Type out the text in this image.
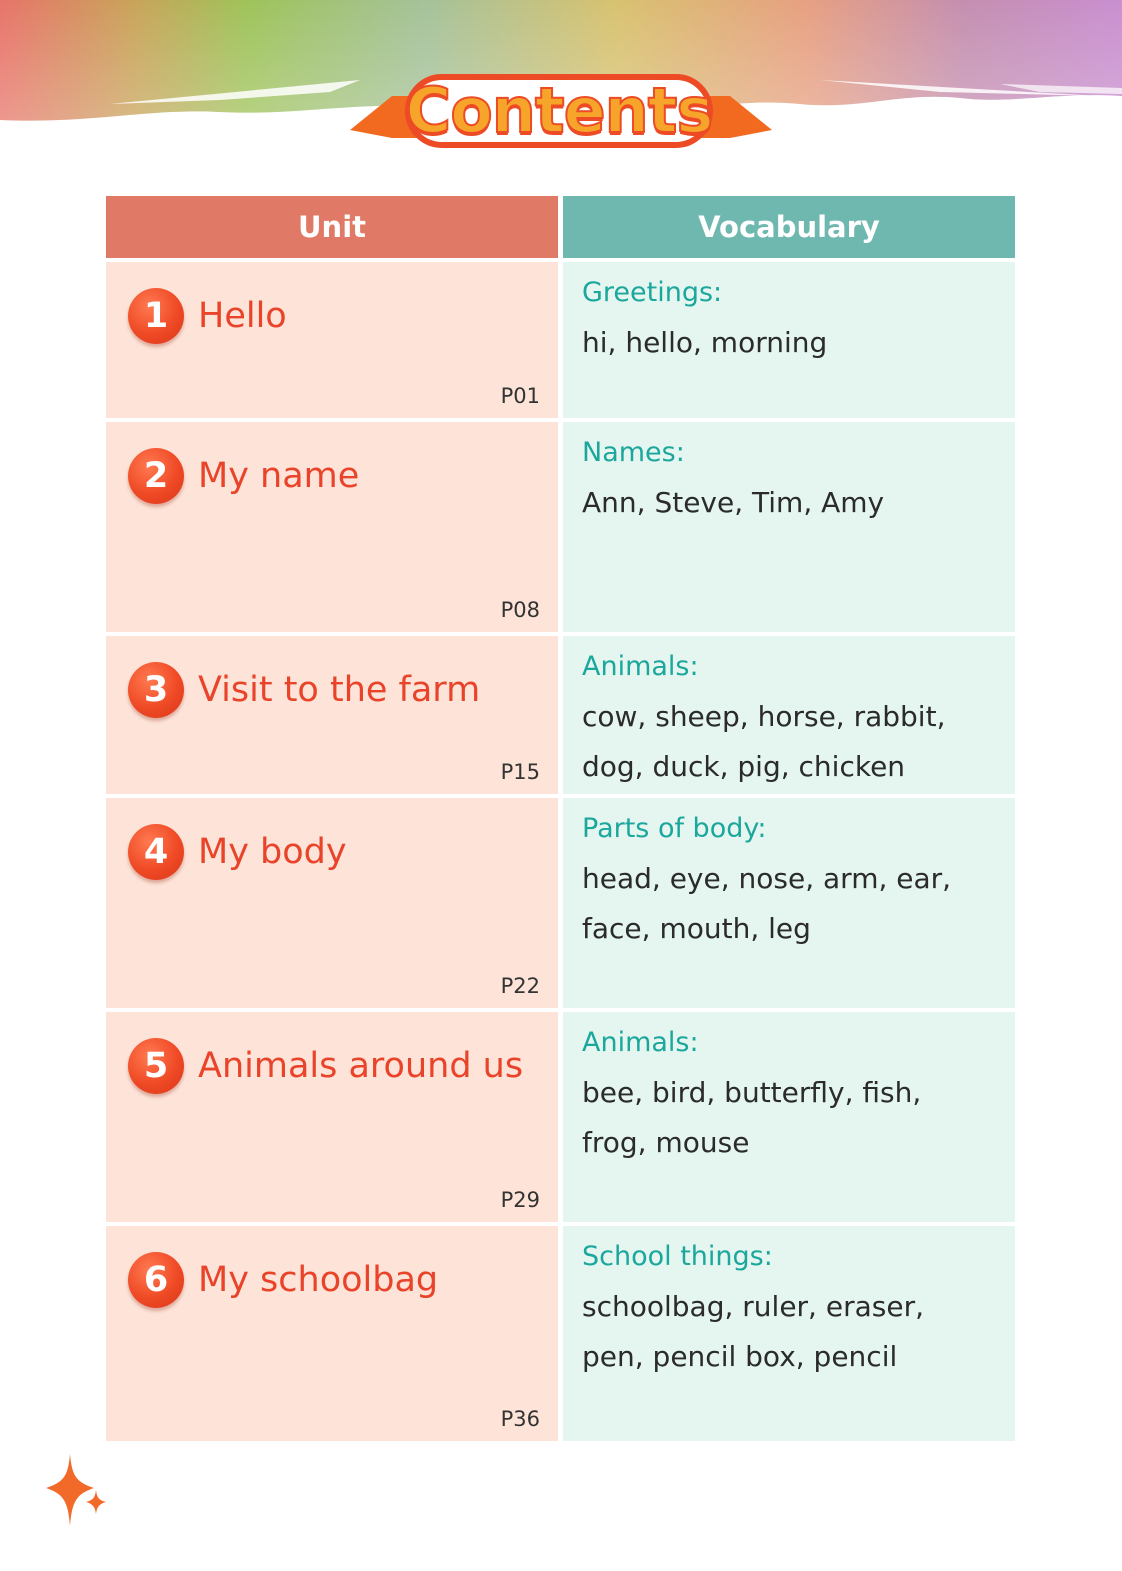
Contents
Unit	Vocabulary
1 Hello
P01
Greetings:
hi, hello, morning
2 My name
P08
Names:
Ann, Steve, Tim, Amy
3 Visit to the farm
P15
Animals:
cow, sheep, horse, rabbit, dog, duck, pig, chicken
4 My body
P22
Parts of body:
head, eye, nose, arm, ear, face, mouth, leg
5 Animals around us
P29
Animals:
bee, bird, butterfly, fish, frog, mouse
6 My schoolbag
P36
School things:
schoolbag, ruler, eraser, pen, pencil box, pencil
